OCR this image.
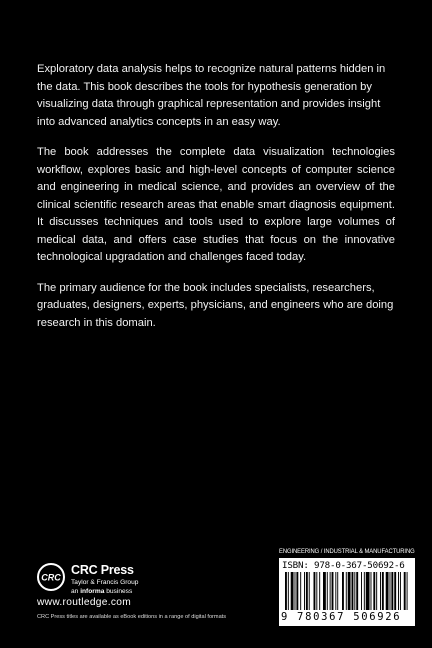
Exploratory data analysis helps to recognize natural patterns hidden in the data. This book describes the tools for hypothesis generation by visualizing data through graphical representation and provides insight into advanced analytics concepts in an easy way.

The book addresses the complete data visualization technologies workflow, explores basic and high-level concepts of computer science and engineering in medical science, and provides an overview of the clinical scientific research areas that enable smart diagnosis equipment. It discusses techniques and tools used to explore large volumes of medical data, and offers case studies that focus on the innovative technological upgradation and challenges faced today.

The primary audience for the book includes specialists, researchers, graduates, designers, experts, physicians, and engineers who are doing research in this domain.

CRC
CRC Press
Taylor & Francis Group
an informa business
www.routledge.com
CRC Press titles are available as eBook editions in a range of digital formats
ENGINEERING / INDUSTRIAL & MANUFACTURING
ISBN: 978-0-367-50692-6
9 780367 506926
